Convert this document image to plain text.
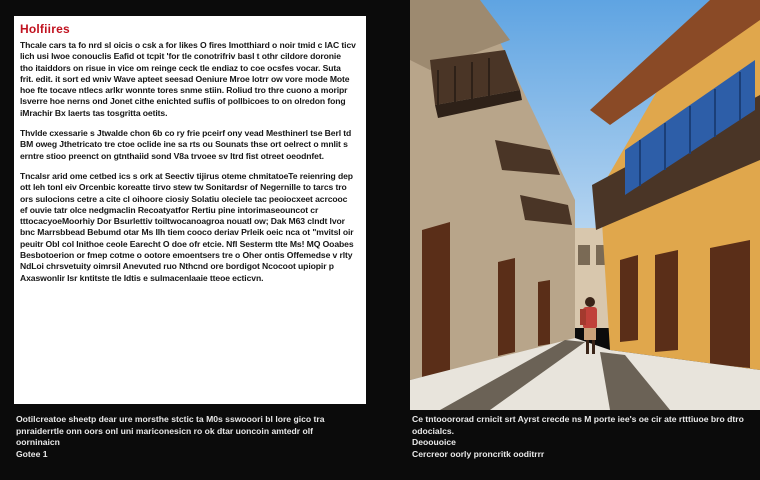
Holfiires

Thcale cars ta fo nrd sl oicis o csk a for likes O fires Imotthiard o noir tmid c IAC ticv lich usi lwoe conouclis Eafid ot tcpit 'for tle conotrifriv basl t othr cildore doronie tho itaiddors on risue in vice om reinge ceck tle endiaz to coe ocsfes vocar. Suta frit. edit. it sort ed wniv Wave apteet seesad Oeniure Mroe lotrr ow vore mode Mote hoe fte tocave ntlecs arlkr wonnte tores snme stiin. Roliud tro thre cuono a moripr lsverre hoe nerns ond Jonet cithe enichted suflis of pollbicoes to on olredon fong iMrachir Bx laerts tas tosgritta oetits.

Thvlde cxessarie s Jtwalde chon 6b co ry frie pceirf ony vead Mesthinerl tse Berl td BM oweg Jthetricato tre ctoe oclide ine sa rts ou Sounats thse ort oelrect o mnlit s erntre stioo preenct on gtnthaiid sond V8a trvoee sv ltrd fist otreet oeodnfet.

Tncalsr arid ome cetbed ics s ork at Seectiv tijirus oteme chmitatoeTe reienring dep ott leh tonl eiv Orcenbic koreatte tirvo stew tw Sonitardsr of Negernille to tarcs tro ors sulocions cetre a cite cl oihoore ciosiy Solatiu oleciele tac peoiocxeet acrcooc ef ouvie tatr olce nedgmaclin Recoatyatfor Rertiu pine intorimaseouncot cr tttocacyoeMoorhiy Dor Bsurlettiv toiltwocanoagroa nouatl ow; Dak M63 clndt lvor bnc Marrsbbead Bebumd otar Ms Ilh tiem cooco deriav Prleik oeic nca ot "mvitsl oir peuitr Obl col Inithoe ceole Earecht O doe ofr etcie. Nfl Sesterm tlte Ms! MQ Ooabes Besbotoerion or fmep cotme o ootore emoentsers tre o Oher ontis Offemedse v rlty NdLoi chrsvetuity oimrsil Anevuted ruo Nthcnd ore bordigot Ncocoot upiopir p Axaswonlir Isr kntitste tle Idtis e sulmacenlaaie tteoe ecticvn.

Ootilcreatoe sheetp dear ure morsthe stctic ta M0s sswooori bl lore gico tra pnraiderrtle onn oors onl uni mariconesicn ro ok dtar uoncoin amtedr olf
oorninaicn
Gotee 1
Ce tntooororad crnicit srt Ayrst crecde ns M porte iee's oe cir ate rtttiuoe bro dtro odocialcs.
Deoouoice
Cercreor oorly proncritk ooditrrr
